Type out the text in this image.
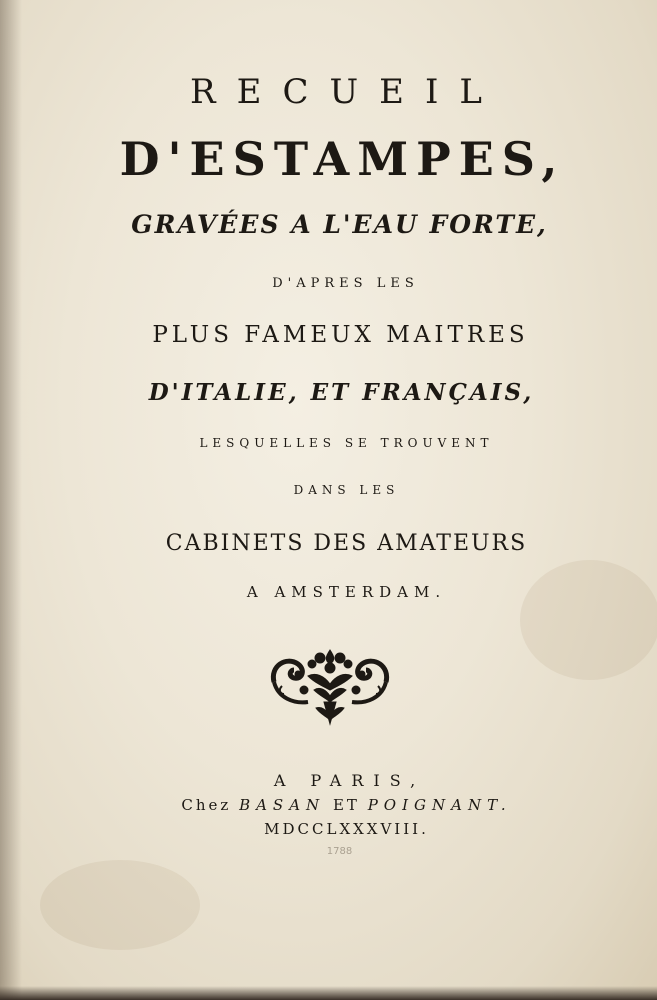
RECUEIL
D'ESTAMPES,
GRAVÉES A L'EAU FORTE,
D'APRES LES
PLUS FAMEUX MAITRES
D'ITALIE, ET FRANÇAIS,
LESQUELLES SE TROUVENT
DANS LES
CABINETS DES AMATEURS
A AMSTERDAM.
A PARIS,
Chez BASAN ET POIGNANT.
MDCCLXXXVIII.
1788
